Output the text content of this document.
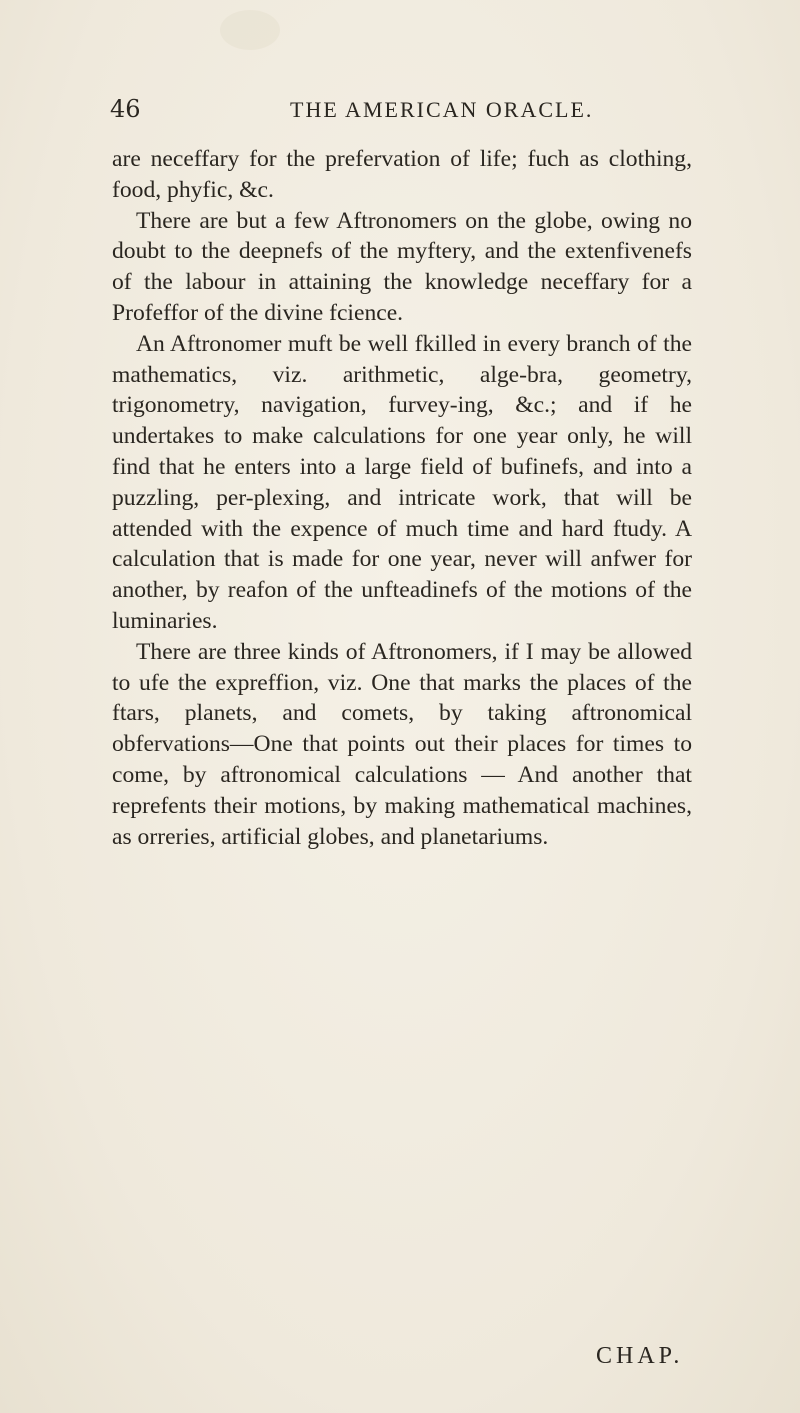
46	THE AMERICAN ORACLE.

are neceffary for the prefervation of life; fuch as clothing, food, phyfic, &c.

There are but a few Aftronomers on the globe, owing no doubt to the deepnefs of the myftery, and the extenfivenefs of the labour in attaining the knowledge neceffary for a Profeffor of the divine fcience.

An Aftronomer muft be well fkilled in every branch of the mathematics, viz. arithmetic, alge-bra, geometry, trigonometry, navigation, furvey-ing, &c.; and if he undertakes to make calculations for one year only, he will find that he enters into a large field of bufinefs, and into a puzzling, per-plexing, and intricate work, that will be attended with the expence of much time and hard ftudy. A calculation that is made for one year, never will anfwer for another, by reafon of the unfteadinefs of the motions of the luminaries.

There are three kinds of Aftronomers, if I may be allowed to ufe the expreffion, viz. One that marks the places of the ftars, planets, and comets, by taking aftronomical obfervations—One that points out their places for times to come, by aftronomical calculations — And another that reprefents their motions, by making mathematical machines, as orreries, artificial globes, and planetariums.

CHAP.
